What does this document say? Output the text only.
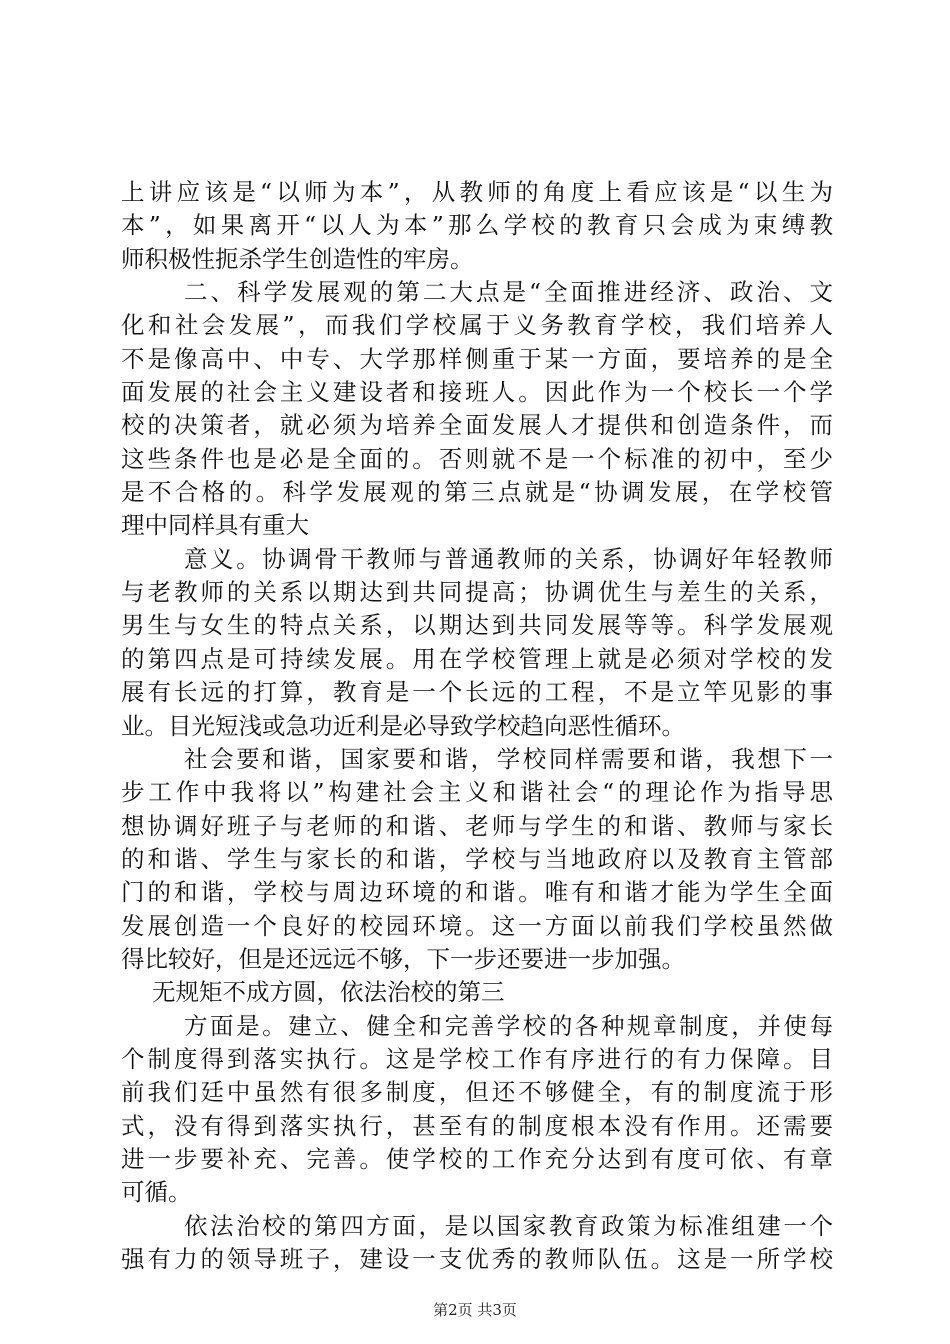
上讲应该是“以师为本”，从教师的角度上看应该是“以生为
本”，如果离开“以人为本”那么学校的教育只会成为束缚教
师积极性扼杀学生创造性的牢房。
二、科学发展观的第二大点是“全面推进经济、政治、文
化和社会发展”，而我们学校属于义务教育学校，我们培养人
不是像高中、中专、大学那样侧重于某一方面，要培养的是全
面发展的社会主义建设者和接班人。因此作为一个校长一个学
校的决策者，就必须为培养全面发展人才提供和创造条件，而
这些条件也是必是全面的。否则就不是一个标准的初中，至少
是不合格的。科学发展观的第三点就是“协调发展，在学校管
理中同样具有重大
意义。协调骨干教师与普通教师的关系，协调好年轻教师
与老教师的关系以期达到共同提高；协调优生与差生的关系，
男生与女生的特点关系，以期达到共同发展等等。科学发展观
的第四点是可持续发展。用在学校管理上就是必须对学校的发
展有长远的打算，教育是一个长远的工程，不是立竿见影的事
业。目光短浅或急功近利是必导致学校趋向恶性循环。
社会要和谐，国家要和谐，学校同样需要和谐，我想下一
步工作中我将以”构建社会主义和谐社会“的理论作为指导思
想协调好班子与老师的和谐、老师与学生的和谐、教师与家长
的和谐、学生与家长的和谐，学校与当地政府以及教育主管部
门的和谐，学校与周边环境的和谐。唯有和谐才能为学生全面
发展创造一个良好的校园环境。这一方面以前我们学校虽然做
得比较好，但是还远远不够，下一步还要进一步加强。
无规矩不成方圆，依法治校的第三
方面是。建立、健全和完善学校的各种规章制度，并使每
个制度得到落实执行。这是学校工作有序进行的有力保障。目
前我们廷中虽然有很多制度，但还不够健全，有的制度流于形
式，没有得到落实执行，甚至有的制度根本没有作用。还需要
进一步要补充、完善。使学校的工作充分达到有度可依、有章
可循。
依法治校的第四方面，是以国家教育政策为标准组建一个
强有力的领导班子，建设一支优秀的教师队伍。这是一所学校
第2页 共3页
